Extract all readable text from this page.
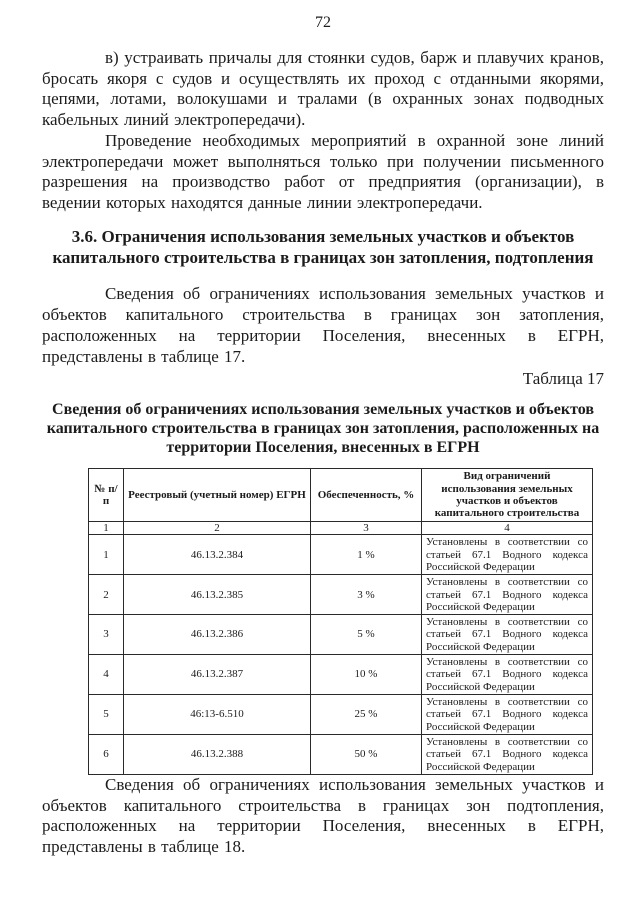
72

в) устраивать причалы для стоянки судов, барж и плавучих кранов, бросать якоря с судов и осуществлять их проход с отданными якорями, цепями, лотами, волокушами и тралами (в охранных зонах подводных кабельных линий электропередачи).

Проведение необходимых мероприятий в охранной зоне линий электропередачи может выполняться только при получении письменного разрешения на производство работ от предприятия (организации), в ведении которых находятся данные линии электропередачи.

3.6. Ограничения использования земельных участков и объектов капитального строительства в границах зон затопления, подтопления

Сведения об ограничениях использования земельных участков и объектов капитального строительства в границах зон затопления, расположенных на территории Поселения, внесенных в ЕГРН, представлены в таблице 17.

Таблица 17
Сведения об ограничениях использования земельных участков и объектов капитального строительства в границах зон затопления, расположенных на территории Поселения, внесенных в ЕГРН
№ п/п	Реестровый (учетный номер) ЕГРН	Обеспеченность, %	Вид ограничений использования земельных участков и объектов капитального строительства
1	2	3	4
1	46.13.2.384	1 %	Установлены в соответствии со статьей 67.1 Водного кодекса Российской Федерации
2	46.13.2.385	3 %	Установлены в соответствии со статьей 67.1 Водного кодекса Российской Федерации
3	46.13.2.386	5 %	Установлены в соответствии со статьей 67.1 Водного кодекса Российской Федерации
4	46.13.2.387	10 %	Установлены в соответствии со статьей 67.1 Водного кодекса Российской Федерации
5	46:13-6.510	25 %	Установлены в соответствии со статьей 67.1 Водного кодекса Российской Федерации
6	46.13.2.388	50 %	Установлены в соответствии со статьей 67.1 Водного кодекса Российской Федерации

Сведения об ограничениях использования земельных участков и объектов капитального строительства в границах зон подтопления, расположенных на территории Поселения, внесенных в ЕГРН, представлены в таблице 18.
